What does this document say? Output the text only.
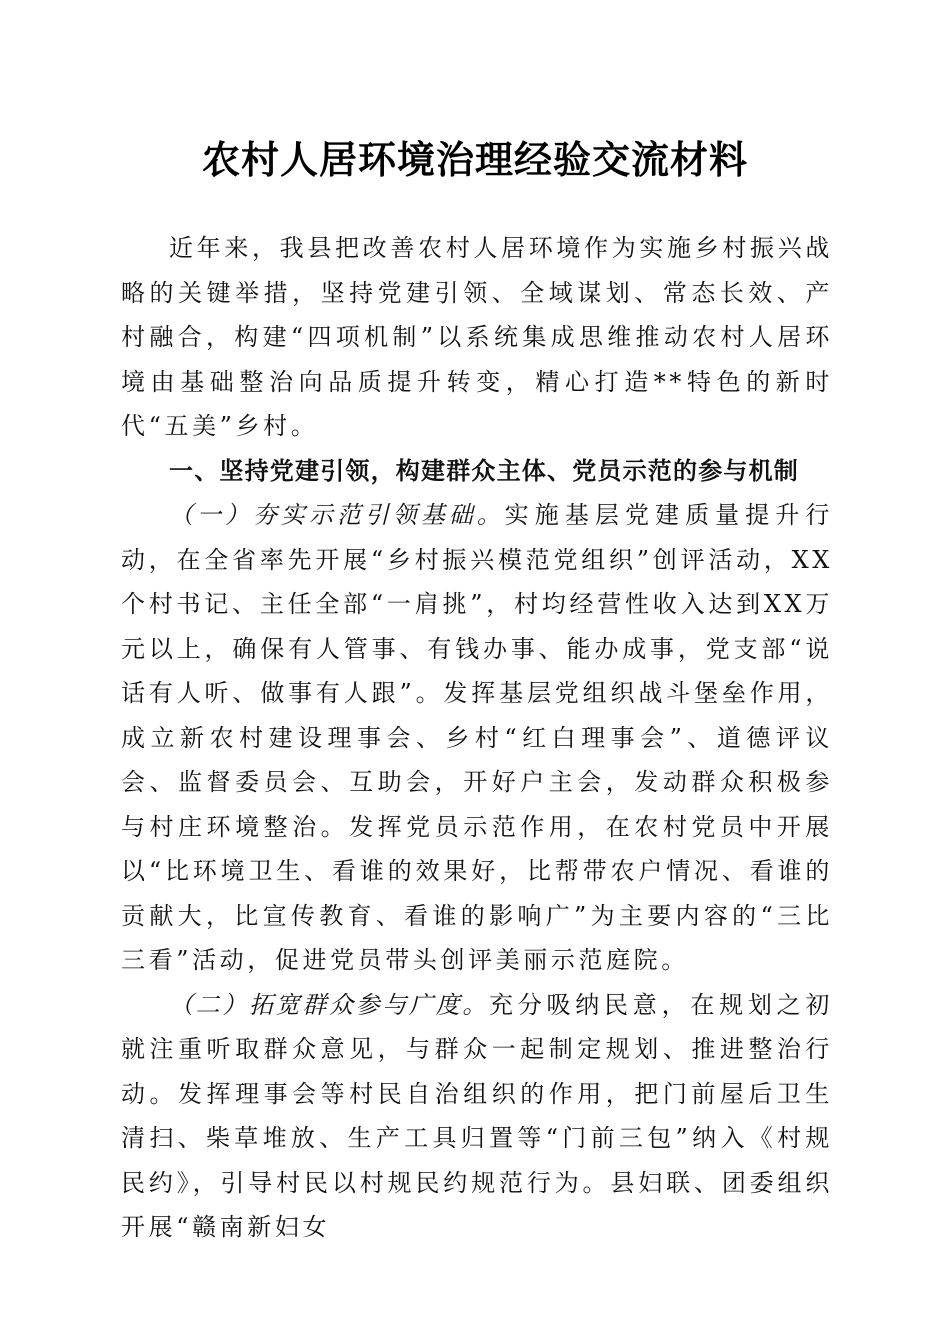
农村人居环境治理经验交流材料

近年来，我县把改善农村人居环境作为实施乡村振兴战略的关键举措，坚持党建引领、全域谋划、常态长效、产村融合，构建“四项机制”以系统集成思维推动农村人居环境由基础整治向品质提升转变，精心打造**特色的新时代“五美”乡村。

一、坚持党建引领，构建群众主体、党员示范的参与机制

（一）夯实示范引领基础。实施基层党建质量提升行动，在全省率先开展“乡村振兴模范党组织”创评活动，XX个村书记、主任全部“一肩挑”，村均经营性收入达到XX万元以上，确保有人管事、有钱办事、能办成事，党支部“说话有人听、做事有人跟”。发挥基层党组织战斗堡垒作用，成立新农村建设理事会、乡村“红白理事会”、道德评议会、监督委员会、互助会，开好户主会，发动群众积极参与村庄环境整治。发挥党员示范作用，在农村党员中开展以“比环境卫生、看谁的效果好，比帮带农户情况、看谁的贡献大，比宣传教育、看谁的影响广”为主要内容的“三比三看”活动，促进党员带头创评美丽示范庭院。

（二）拓宽群众参与广度。充分吸纳民意，在规划之初就注重听取群众意见，与群众一起制定规划、推进整治行动。发挥理事会等村民自治组织的作用，把门前屋后卫生清扫、柴草堆放、生产工具归置等“门前三包”纳入《村规民约》，引导村民以村规民约规范行为。县妇联、团委组织开展“赣南新妇女
